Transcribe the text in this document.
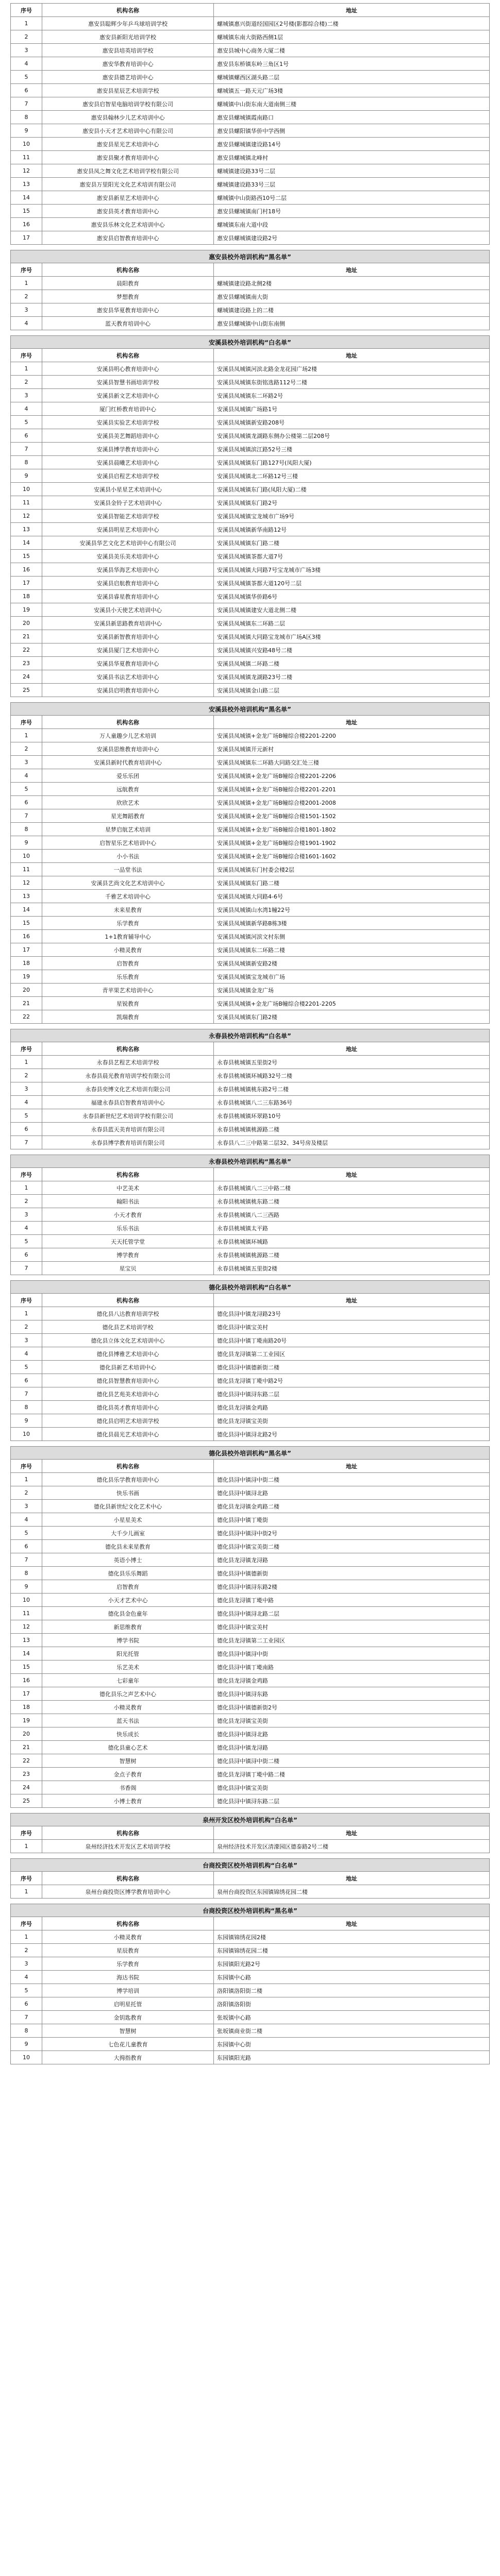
序号	机构名称	地址
1	惠安县聪辉少年乒乓球培训学校	螺城镇惠兴街道经国园区2号楼(影都综合楼)二楼
2	惠安县新阳光培训学校	螺城镇东南大街路西侧1层
3	惠安县培英培训学校	惠安县城中心商务大厦二楼
4	惠安华教育培训中心	惠安县东桥镇东岭三角区1号
5	惠安县德艺培训中心	螺城镇螺西区湖头路二层
6	惠安县星辰艺术培训学校	螺城镇五一路天元广场3楼
7	惠安县启智星电脑培训学校有限公司	螺城镇中山街东南大道南侧三楼
8	惠安县翰林少儿艺术培训中心	惠安县螺城镇霞南路口
9	惠安县小天才艺术培训中心有限公司	惠安县螺阳镇华侨中学西侧
10	惠安县星光艺术培训中心	惠安县螺城镇建设路14号
11	惠安县聚才教育培训中心	惠安县螺城镇北峰村
12	惠安县凤之舞文化艺术培训学校有限公司	螺城镇建设路33号二层
13	惠安县万里阳光文化艺术培训有限公司	螺城镇建设路33号三层
14	惠安县新星艺术培训中心	螺城镇中山街路西10号二层
15	惠安县英才教育培训中心	惠安县螺城镇南门村18号
16	惠安县乐林文化艺术培训中心	螺城镇东南大道中段
17	惠安县启智教育培训中心	惠安县螺城镇建设路2号

惠安县校外培训机构“黑名单”		
序号	机构名称	地址
1	晨阳教育	螺城镇建设路北侧2楼
2	梦想教育	惠安县螺城镇南大街
3	惠安县华夏教育培训中心	螺城镇建设路上的二楼
4	蓝天教育培训中心	惠安县螺城镇中山街东南侧

安溪县校外培训机构“白名单”		
序号	机构名称	地址
1	安溪县明心教育培训中心	安溪县凤城镇河滨北路金龙花园广场2楼
2	安溪县智慧书画培训学校	安溪县凤城镇东街铭选路112号二楼
3	安溪县新文艺术培训中心	安溪县凤城镇东二环路2号
4	厦门红桥教育培训中心	安溪县凤城镇广场路1号
5	安溪县实验艺术培训学校	安溪县凤城镇新安路208号
6	安溪县美艺舞蹈培训中心	安溪县凤城镇龙湖路东侧办公楼第二层208号
7	安溪县博学教育培训中心	安溪县凤城镇滨江路52号三楼
8	安溪县晨曦艺术培训中心	安溪县凤城镇东门路127号(凤阳大厦)
9	安溪县启程艺术培训学校	安溪县凤城镇北二环路12号三楼
10	安溪县小星星艺术培训中心	安溪县凤城镇东门路(凤阳大厦)二楼
11	安溪县金铃子艺术培训中心	安溪县凤城镇东门路2号
12	安溪县智能艺术培训学校	安溪县凤城镇宝龙城市广场9号
13	安溪县明星艺术培训中心	安溪县凤城镇新华南路12号
14	安溪县华艺文化艺术培训中心有限公司	安溪县凤城镇东门路二楼
15	安溪县美乐美术培训中心	安溪县凤城镇茶都大道7号
16	安溪县华海艺术培训中心	安溪县凤城镇大同路7号宝龙城市广场3楼
17	安溪县启航教育培训中心	安溪县凤城镇茶都大道120号二层
18	安溪县睿星教育培训中心	安溪县凤城镇华侨路6号
19	安溪县小天使艺术培训中心	安溪县凤城镇建安大道北侧二楼
20	安溪县新思路教育培训中心	安溪县凤城镇东二环路二层
21	安溪县新智教育培训中心	安溪县凤城镇大同路宝龙城市广场A区3楼
22	安溪县厦门艺术培训中心	安溪县凤城镇兴安路48号二楼
23	安溪县华夏教育培训中心	安溪县凤城镇二环路二楼
24	安溪县书法艺术培训中心	安溪县凤城镇龙湖路23号二楼
25	安溪县启明教育培训中心	安溪县凤城镇金山路二层

安溪县校外培训机构“黑名单”		
序号	机构名称	地址
1	万人童趣少儿艺术培训	安溪县凤城镇+金龙广场B幢综合楼2201-2200
2	安溪县思维教育培训中心	安溪县凤城镇开元新村
3	安溪县新时代教育培训中心	安溪县凤城镇东二环路大同路交汇处三楼
4	爱乐乐团	安溪县凤城镇+金龙广场B幢综合楼2201-2206
5	远航教育	安溪县凤城镇+金龙广场B幢综合楼2201-2201
6	欣欣艺术	安溪县凤城镇+金龙广场B幢综合楼2001-2008
7	星光舞蹈教育	安溪县凤城镇+金龙广场B幢综合楼1501-1502
8	星梦启航艺术培训	安溪县凤城镇+金龙广场B幢综合楼1801-1802
9	启智星乐艺术培训中心	安溪县凤城镇+金龙广场B幢综合楼1901-1902
10	小小书法	安溪县凤城镇+金龙广场B幢综合楼1601-1602
11	一品堂书法	安溪县凤城镇东门村委会楼2层
12	安溪县艺尚文化艺术培训中心	安溪县凤城镇东门路二楼
13	千雅艺术培训中心	安溪县凤城镇大同路4-6号
14	未来星教育	安溪县凤城镇山水湾1幢22号
15	乐学教育	安溪县凤城镇新华路B栋3楼
16	1+1教育辅导中心	安溪县凤城镇河滨文村东侧
17	小精灵教育	安溪县凤城镇东二环路二楼
18	启智教育	安溪县凤城镇新安路2楼
19	乐乐教育	安溪县凤城镇宝龙城市广场
20	青苹果艺术培训中心	安溪县凤城镇金龙广场
21	星锐教育	安溪县凤城镇+金龙广场B幢综合楼2201-2205
22	凯瑞教育	安溪县凤城镇东门路2楼

永春县校外培训机构“白名单”		
序号	机构名称	地址
1	永春县艺程艺术培训学校	永春县桃城镇五里街2号
2	永春县晨光教育培训学校有限公司	永春县桃城镇环城路32号二楼
3	永春县奕博文化艺术培训有限公司	永春县桃城镇桃东路2号二楼
4	福建永春县启智教育培训中心	永春县桃城镇八二三东路36号
5	永春县新世纪艺术培训学校有限公司	永春县桃城镇环翠路10号
6	永春县蓝天美育培训有限公司	永春县桃城镇桃源路二楼
7	永春县博学教育培训有限公司	永春县八二三中路第二层32、34号房及楼层

永春县校外培训机构“黑名单”		
序号	机构名称	地址
1	中艺美术	永春县桃城镇八二三中路二楼
2	翰阳书法	永春县桃城镇桃东路二楼
3	小天才教育	永春县桃城镇八二三西路
4	乐乐书法	永春县桃城镇太平路
5	天天托管学堂	永春县桃城镇环城路
6	博学教育	永春县桃城镇桃源路二楼
7	星宝贝	永春县桃城镇五里街2楼

德化县校外培训机构“白名单”		
序号	机构名称	地址
1	德化县八达教育培训学校	德化县浔中镇龙浔路23号
2	德化县艺术培训学校	德化县浔中镇宝美村
3	德化县立体文化艺术培训中心	德化县浔中镇丁墘南路20号
4	德化县博雅艺术培训中心	德化县龙浔镇第二工业园区
5	德化县新艺术培训中心	德化县浔中镇德新街二楼
6	德化县智慧教育培训中心	德化县龙浔镇丁墘中路2号
7	德化县艺苑美术培训中心	德化县浔中镇浔东路二层
8	德化县英才教育培训中心	德化县龙浔镇金鸡路
9	德化县启明艺术培训学校	德化县龙浔镇宝美街
10	德化县晨光艺术培训中心	德化县浔中镇浔北路2号

德化县校外培训机构“黑名单”		
序号	机构名称	地址
1	德化县乐学教育培训中心	德化县浔中镇浔中街二楼
2	快乐书画	德化县浔中镇浔北路
3	德化县新世纪文化艺术中心	德化县龙浔镇金鸡路二楼
4	小星星美术	德化县浔中镇丁墘街
5	大千少儿画室	德化县浔中镇浔中街2号
6	德化县未来星教育	德化县浔中镇宝美街二楼
7	英语小博士	德化县龙浔镇龙浔路
8	德化县乐乐舞蹈	德化县浔中镇德新街
9	启智教育	德化县浔中镇浔东路2楼
10	小天才艺术中心	德化县龙浔镇丁墘中路
11	德化县金色童年	德化县浔中镇浔北路二层
12	新思维教育	德化县浔中镇宝美村
13	博学书院	德化县龙浔镇第二工业园区
14	阳光托管	德化县浔中镇浔中街
15	乐艺美术	德化县浔中镇丁墘南路
16	七彩童年	德化县龙浔镇金鸡路
17	德化县乐之声艺术中心	德化县浔中镇浔东路
18	小精灵教育	德化县浔中镇德新街2号
19	蓝天书法	德化县龙浔镇宝美街
20	快乐成长	德化县浔中镇浔北路
21	德化县童心艺术	德化县浔中镇龙浔路
22	智慧树	德化县浔中镇浔中街二楼
23	金点子教育	德化县龙浔镇丁墘中路二楼
24	书香阁	德化县浔中镇宝美街
25	小博士教育	德化县浔中镇浔东路二层

泉州开发区校外培训机构“白名单”		
序号	机构名称	地址
1	泉州经济技术开发区艺术培训学校	泉州经济技术开发区清濛园区德泰路2号二楼

台商投资区校外培训机构“白名单”		
序号	机构名称	地址
1	泉州台商投资区博学教育培训中心	泉州台商投资区东园镇锦绣花园二楼

台商投资区校外培训机构“黑名单”		
序号	机构名称	地址
1	小精灵教育	东园镇锦绣花园2楼
2	星辰教育	东园镇锦绣花园二楼
3	乐学教育	东园镇阳光路2号
4	海达书院	东园镇中心路
5	博学培训	洛阳镇洛阳街二楼
6	启明星托管	洛阳镇洛阳街
7	金钥匙教育	张坂镇中心路
8	智慧树	张坂镇商业街二楼
9	七色花儿童教育	东园镇中心街
10	大拇指教育	东园镇阳光路
